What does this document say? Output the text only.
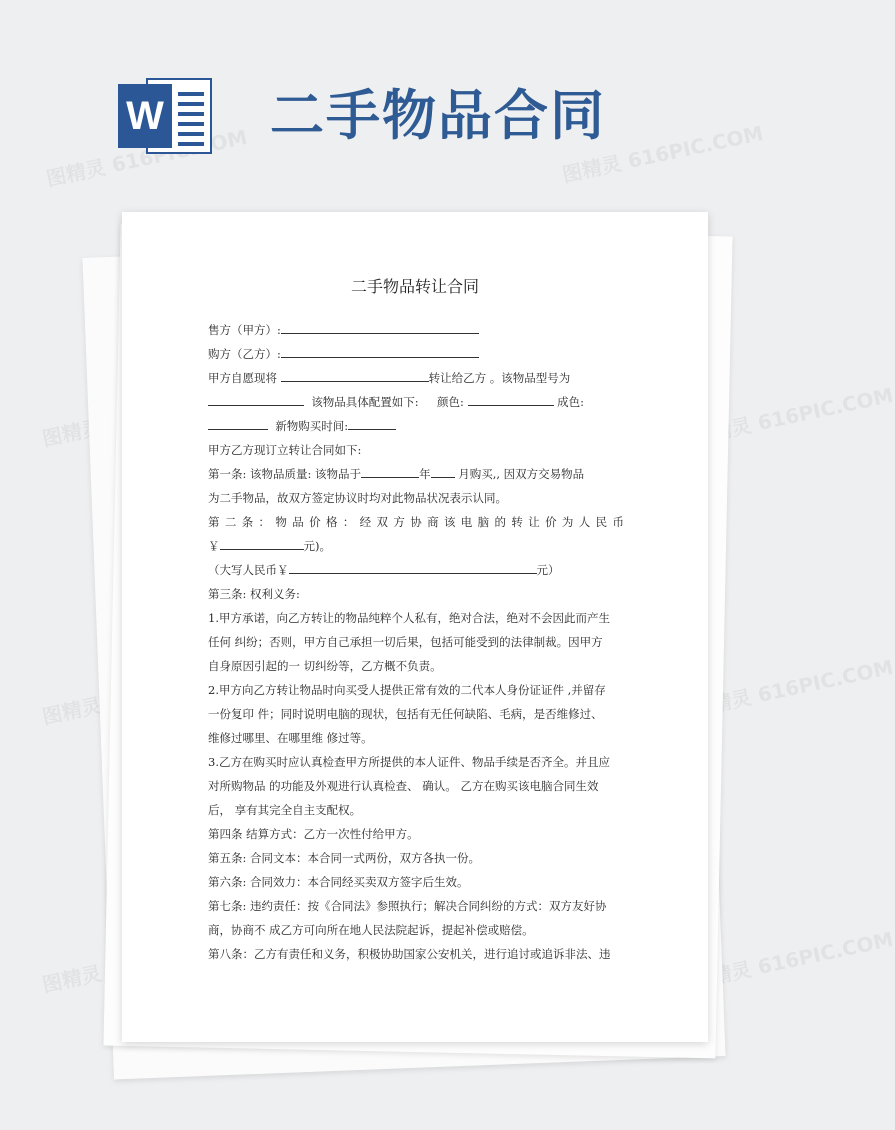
图精灵 616PIC.COM	图精灵 616PIC.COM
图精灵	图精灵 616PIC.COM
图精灵	图精灵 616PIC.COM
图精灵	图精灵 616PIC.COM
W 二手物品合同
二手物品转让合同
售方（甲方）:
购方（乙方）:
甲方自愿现将	转让给乙方 。该物品型号为
该物品具体配置如下: 颜色:	成色:
新物购买时间:
甲方乙方现订立转让合同如下:
第一条: 该物品质量: 该物品于	年 月购买,, 因双方交易物品
为二手物品，故双方签定协议时均对此物品状况表示认同。
第二条：物品价格：经双方协商该电脑的转让价为人民币
￥	元)。
（大写人民币￥	元）
第三条: 权利义务:
1.甲方承诺，向乙方转让的物品纯粹个人私有，绝对合法，绝对不会因此而产生
任何 纠纷；否则，甲方自己承担一切后果，包括可能受到的法律制裁。因甲方
自身原因引起的一 切纠纷等，乙方概不负责。
2.甲方向乙方转让物品时向买受人提供正常有效的二代本人身份证证件 ,并留存
一份复印 件；同时说明电脑的现状，包括有无任何缺陷、毛病，是否维修过、
维修过哪里、在哪里维 修过等。
3.乙方在购买时应认真检查甲方所提供的本人证件、物品手续是否齐全。并且应
对所购物品 的功能及外观进行认真检查、 确认。 乙方在购买该电脑合同生效
后， 享有其完全自主支配权。
第四条 结算方式：乙方一次性付给甲方。
第五条: 合同文本：本合同一式两份，双方各执一份。
第六条: 合同效力：本合同经买卖双方签字后生效。
第七条: 违约责任：按《合同法》参照执行；解决合同纠纷的方式：双方友好协
商，协商不 成乙方可向所在地人民法院起诉，提起补偿或赔偿。
第八条：乙方有责任和义务，积极协助国家公安机关，进行追讨或追诉非法、违
